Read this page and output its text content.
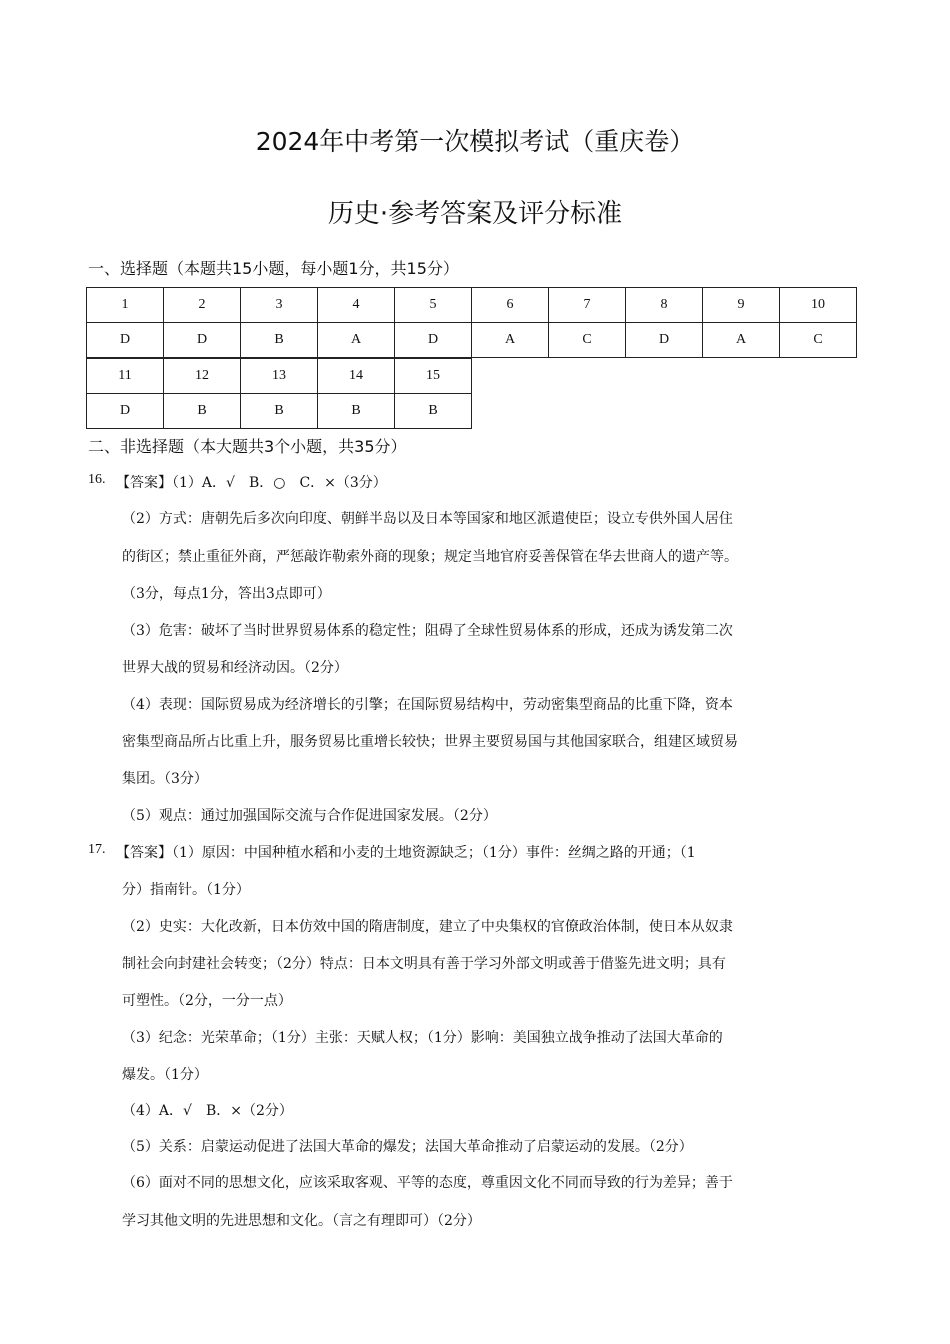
2024年中考第一次模拟考试（重庆卷）
历史·参考答案及评分标准
一、选择题（本题共15小题，每小题1分，共15分）
1	2	3	4	5	6	7	8	9	10
D	D	B	A	D	A	C	D	A	C
11	12	13	14	15
D	B	B	B	B
二、非选择题（本大题共3个小题，共35分）
16. 【答案】（1）A．√　B．○　C．×（3分）
（2）方式：唐朝先后多次向印度、朝鲜半岛以及日本等国家和地区派遣使臣；设立专供外国人居住
的街区；禁止重征外商，严惩敲诈勒索外商的现象；规定当地官府妥善保管在华去世商人的遗产等。
（3分，每点1分，答出3点即可）
（3）危害：破坏了当时世界贸易体系的稳定性；阻碍了全球性贸易体系的形成，还成为诱发第二次
世界大战的贸易和经济动因。（2分）
（4）表现：国际贸易成为经济增长的引擎；在国际贸易结构中，劳动密集型商品的比重下降，资本
密集型商品所占比重上升，服务贸易比重增长较快；世界主要贸易国与其他国家联合，组建区域贸易
集团。（3分）
（5）观点：通过加强国际交流与合作促进国家发展。（2分）
17. 【答案】（1）原因：中国种植水稻和小麦的土地资源缺乏；（1分）事件：丝绸之路的开通；（1
分）指南针。（1分）
（2）史实：大化改新，日本仿效中国的隋唐制度，建立了中央集权的官僚政治体制，使日本从奴隶
制社会向封建社会转变；（2分）特点：日本文明具有善于学习外部文明或善于借鉴先进文明；具有
可塑性。（2分，一分一点）
（3）纪念：光荣革命；（1分）主张：天赋人权；（1分）影响：美国独立战争推动了法国大革命的
爆发。（1分）
（4）A．√　B．×（2分）
（5）关系：启蒙运动促进了法国大革命的爆发；法国大革命推动了启蒙运动的发展。（2分）
（6）面对不同的思想文化，应该采取客观、平等的态度，尊重因文化不同而导致的行为差异；善于
学习其他文明的先进思想和文化。（言之有理即可）（2分）
